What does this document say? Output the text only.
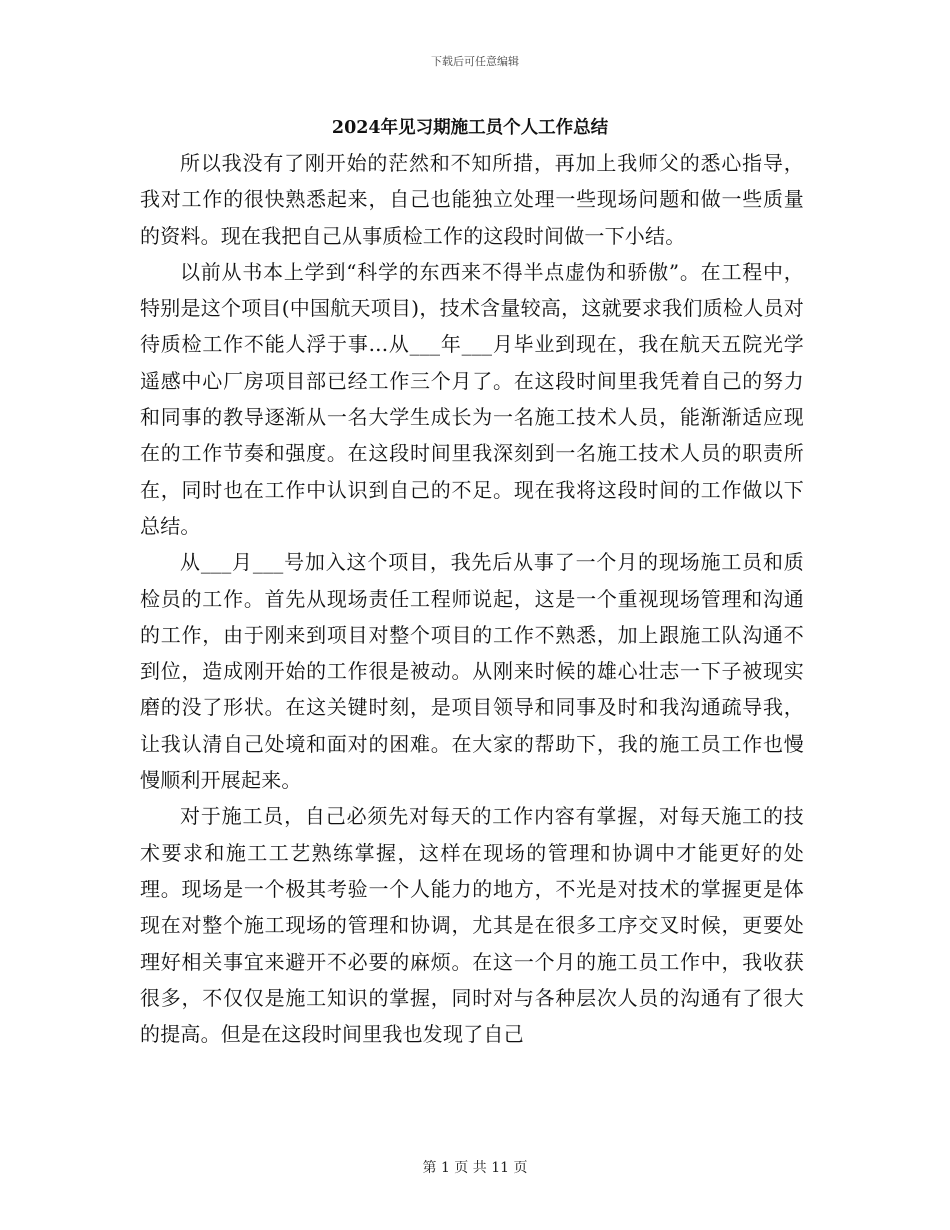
下载后可任意编辑
2024年见习期施工员个人工作总结

所以我没有了刚开始的茫然和不知所措，再加上我师父的悉心指导，我对工作的很快熟悉起来，自己也能独立处理一些现场问题和做一些质量的资料。现在我把自己从事质检工作的这段时间做一下小结。

以前从书本上学到“科学的东西来不得半点虚伪和骄傲”。在工程中，特别是这个项目(中国航天项目)，技术含量较高，这就要求我们质检人员对待质检工作不能人浮于事...从___年___月毕业到现在，我在航天五院光学遥感中心厂房项目部已经工作三个月了。在这段时间里我凭着自己的努力和同事的教导逐渐从一名大学生成长为一名施工技术人员，能渐渐适应现在的工作节奏和强度。在这段时间里我深刻到一名施工技术人员的职责所在，同时也在工作中认识到自己的不足。现在我将这段时间的工作做以下总结。

从___月___号加入这个项目，我先后从事了一个月的现场施工员和质检员的工作。首先从现场责任工程师说起，这是一个重视现场管理和沟通的工作，由于刚来到项目对整个项目的工作不熟悉，加上跟施工队沟通不到位，造成刚开始的工作很是被动。从刚来时候的雄心壮志一下子被现实磨的没了形状。在这关键时刻，是项目领导和同事及时和我沟通疏导我，让我认清自己处境和面对的困难。在大家的帮助下，我的施工员工作也慢慢顺利开展起来。

对于施工员，自己必须先对每天的工作内容有掌握，对每天施工的技术要求和施工工艺熟练掌握，这样在现场的管理和协调中才能更好的处理。现场是一个极其考验一个人能力的地方，不光是对技术的掌握更是体现在对整个施工现场的管理和协调，尤其是在很多工序交叉时候，更要处理好相关事宜来避开不必要的麻烦。在这一个月的施工员工作中，我收获很多，不仅仅是施工知识的掌握，同时对与各种层次人员的沟通有了很大的提高。但是在这段时间里我也发现了自己

第 1 页 共 11 页
